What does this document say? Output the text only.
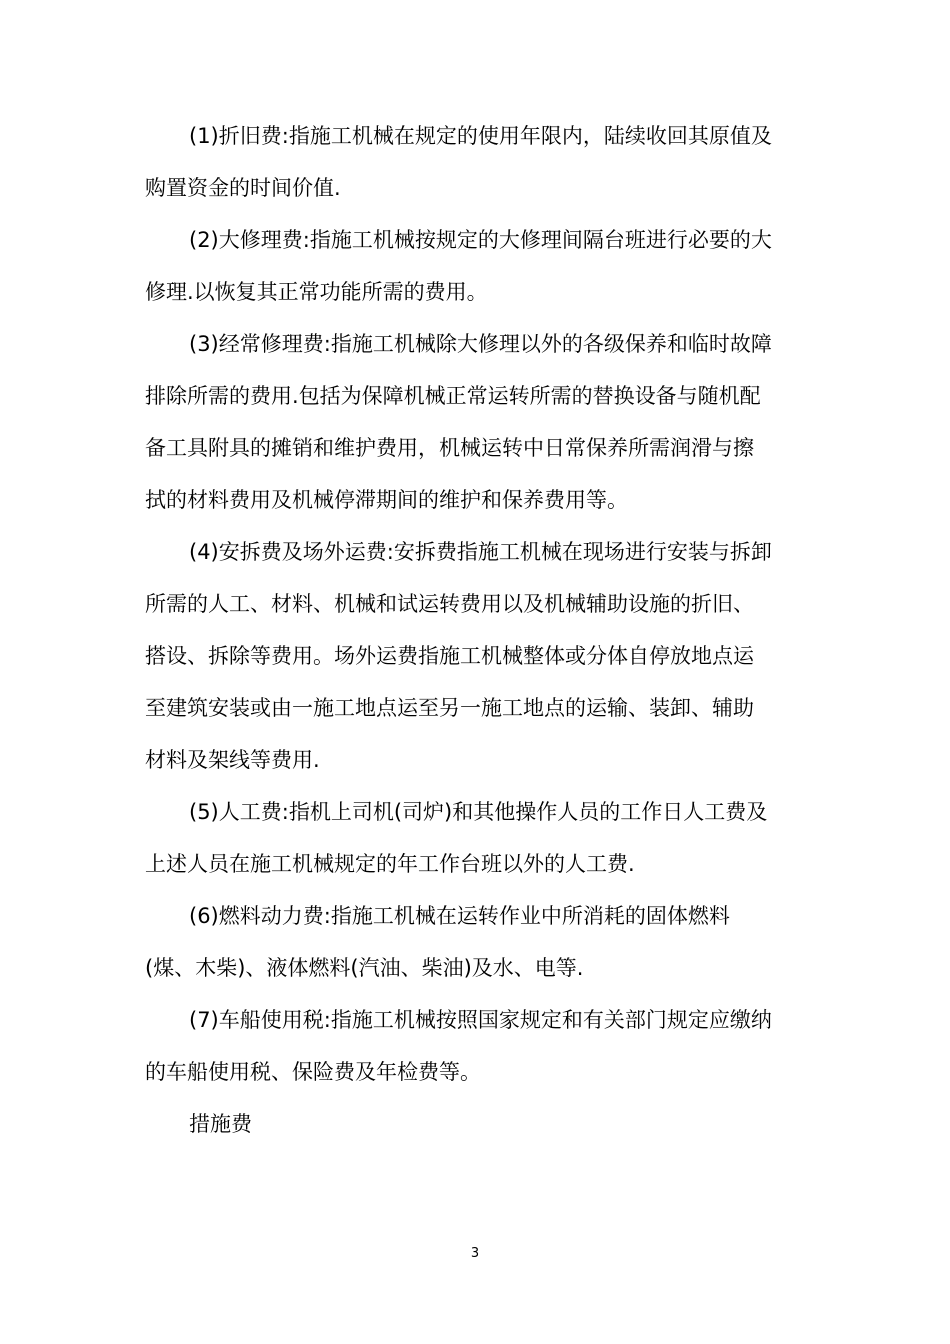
(1)折旧费:指施工机械在规定的使用年限内，陆续收回其原值及
购置资金的时间价值.
(2)大修理费:指施工机械按规定的大修理间隔台班进行必要的大
修理.以恢复其正常功能所需的费用。
(3)经常修理费:指施工机械除大修理以外的各级保养和临时故障
排除所需的费用.包括为保障机械正常运转所需的替换设备与随机配
备工具附具的摊销和维护费用，机械运转中日常保养所需润滑与擦
拭的材料费用及机械停滞期间的维护和保养费用等。
(4)安拆费及场外运费:安拆费指施工机械在现场进行安装与拆卸
所需的人工、材料、机械和试运转费用以及机械辅助设施的折旧、
搭设、拆除等费用。场外运费指施工机械整体或分体自停放地点运
至建筑安装或由一施工地点运至另一施工地点的运输、装卸、辅助
材料及架线等费用.
(5)人工费:指机上司机(司炉)和其他操作人员的工作日人工费及
上述人员在施工机械规定的年工作台班以外的人工费.
(6)燃料动力费:指施工机械在运转作业中所消耗的固体燃料
(煤、木柴)、液体燃料(汽油、柴油)及水、电等.
(7)车船使用税:指施工机械按照国家规定和有关部门规定应缴纳
的车船使用税、保险费及年检费等。
措施费
3
